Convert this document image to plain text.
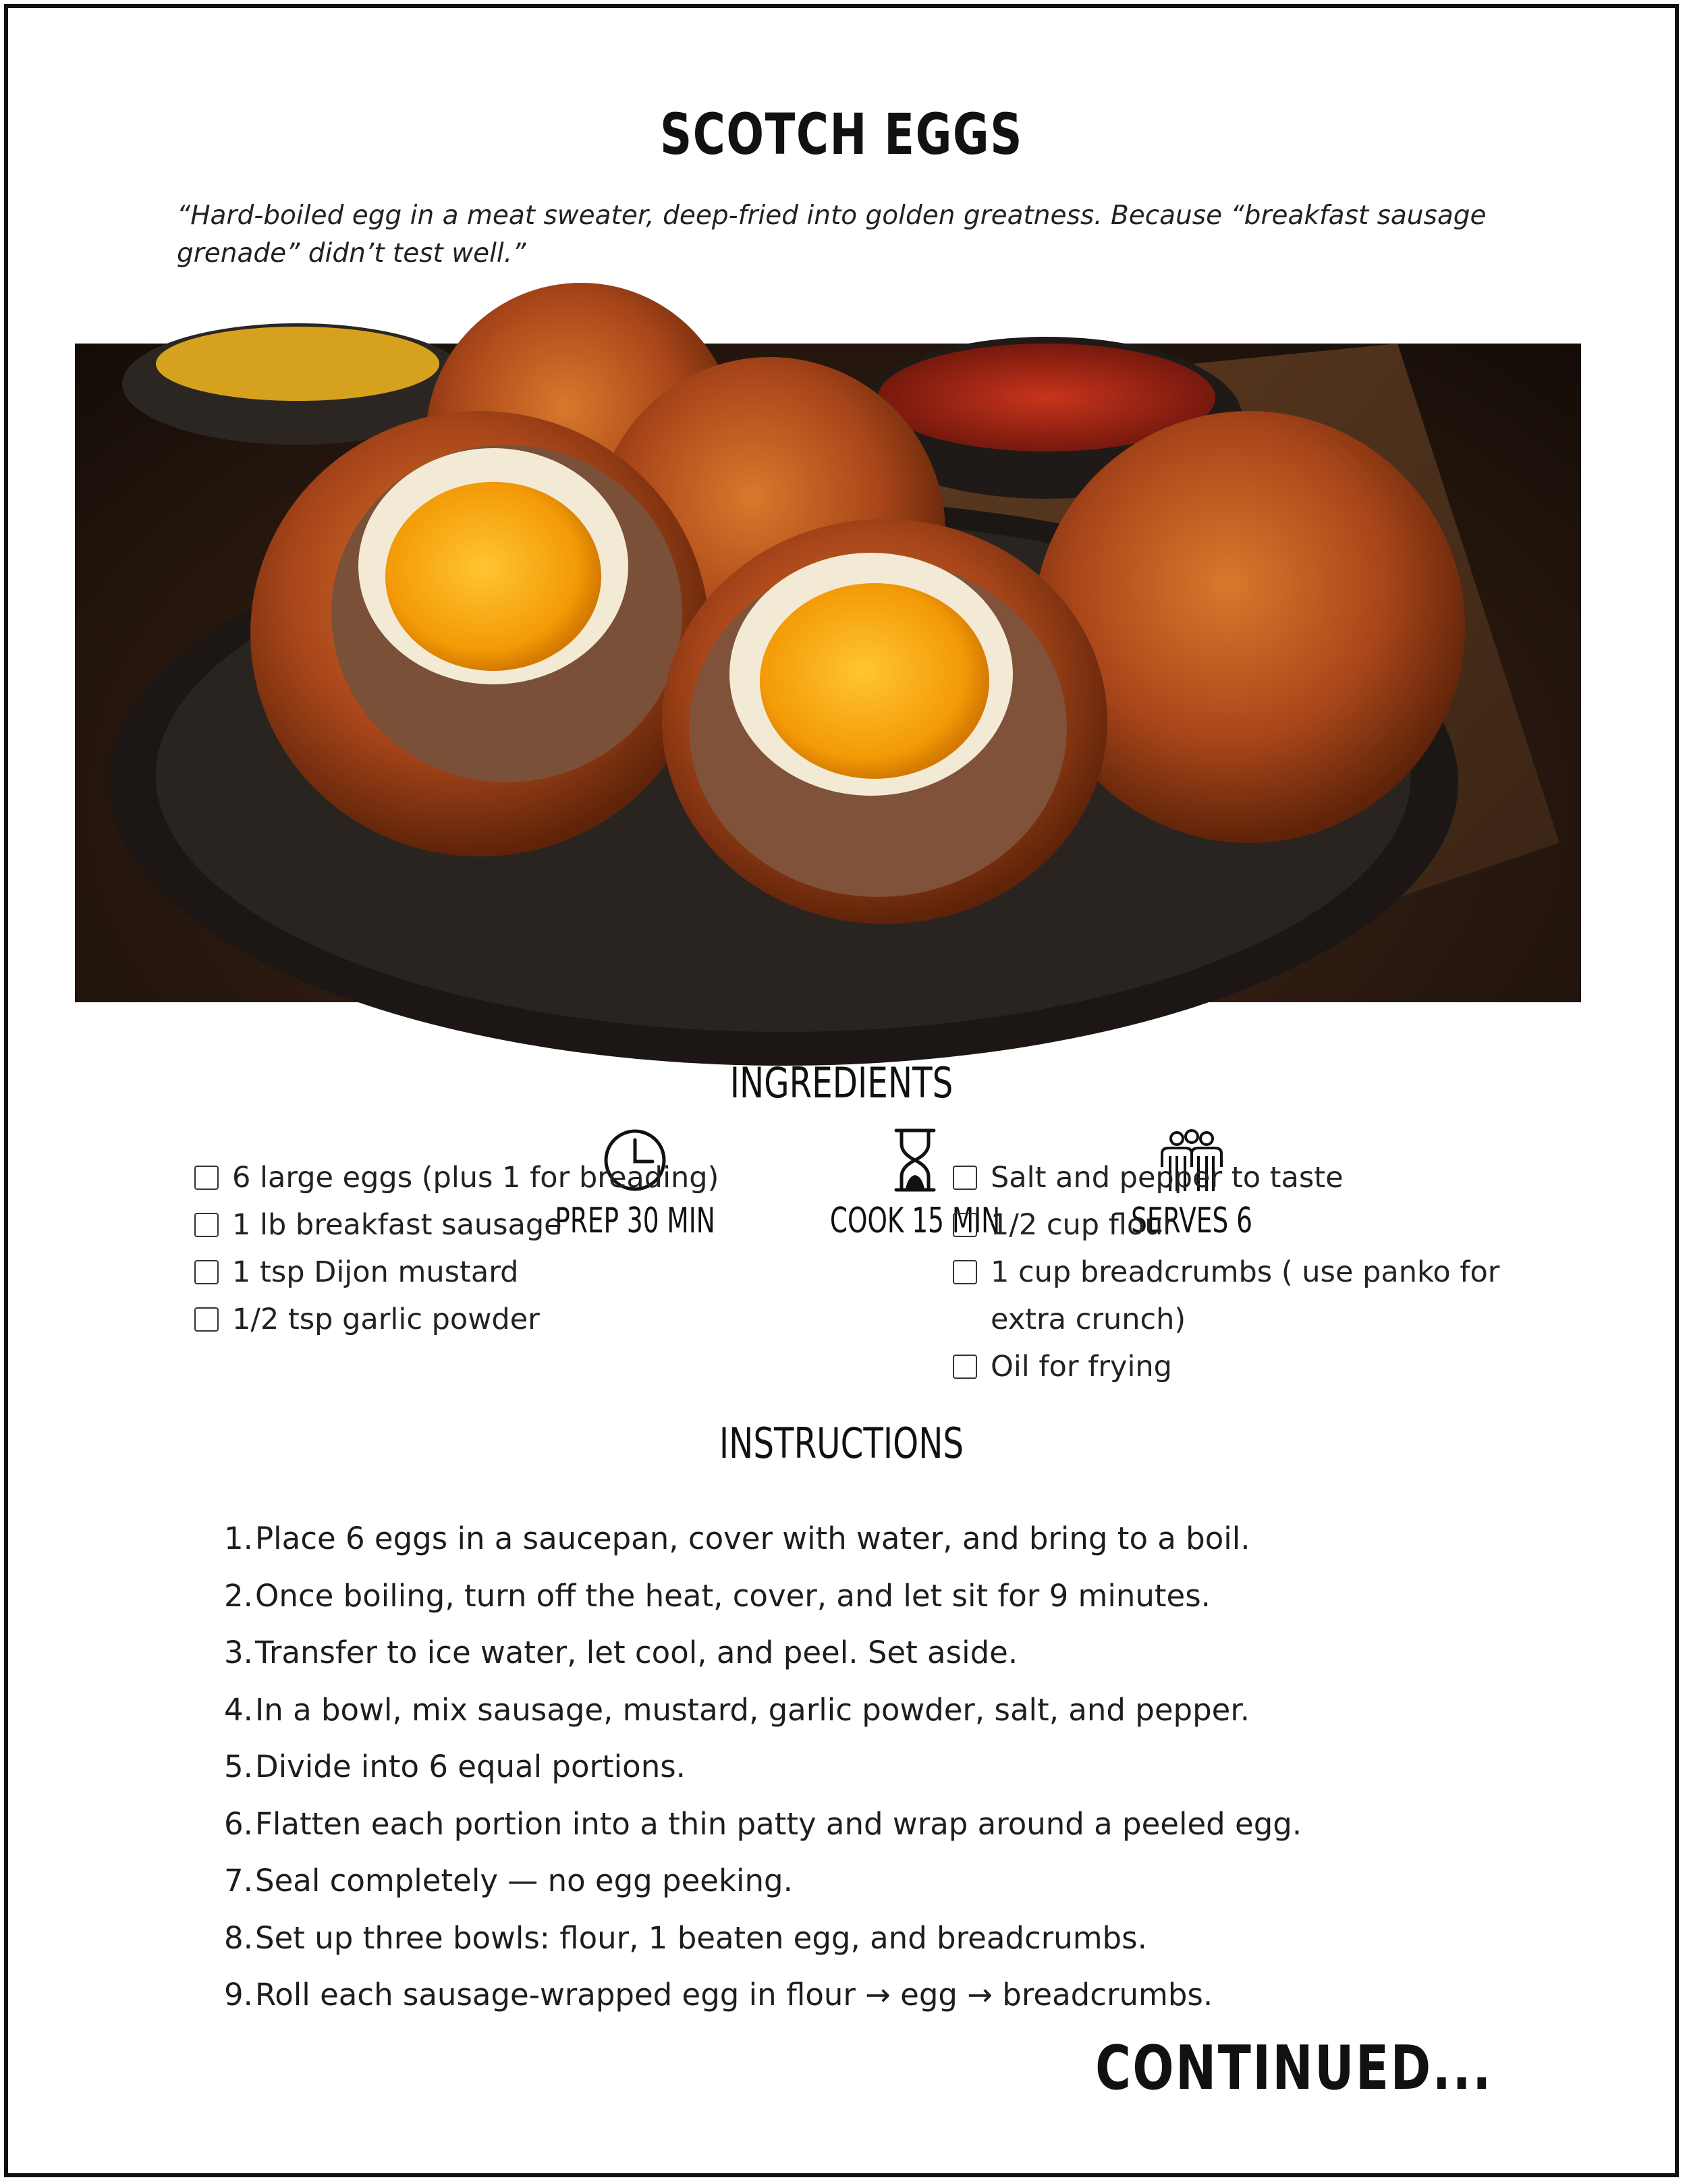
SCOTCH EGGS
“Hard-boiled egg in a meat sweater, deep-fried into golden greatness. Because “breakfast sausage grenade” didn’t test well.”
PREP 30 MIN	COOK 15 MIN	SERVES 6
INGREDIENTS
6 large eggs (plus 1 for breading)
1 lb breakfast sausage
1 tsp Dijon mustard
1/2 tsp garlic powder
Salt and pepper to taste
1/2 cup flour
1 cup breadcrumbs ( use panko for extra crunch)
Oil for frying
INSTRUCTIONS
1. Place 6 eggs in a saucepan, cover with water, and bring to a boil.
2. Once boiling, turn off the heat, cover, and let sit for 9 minutes.
3. Transfer to ice water, let cool, and peel. Set aside.
4. In a bowl, mix sausage, mustard, garlic powder, salt, and pepper.
5. Divide into 6 equal portions.
6. Flatten each portion into a thin patty and wrap around a peeled egg.
7. Seal completely — no egg peeking.
8. Set up three bowls: flour, 1 beaten egg, and breadcrumbs.
9. Roll each sausage-wrapped egg in flour → egg → breadcrumbs.
CONTINUED...
